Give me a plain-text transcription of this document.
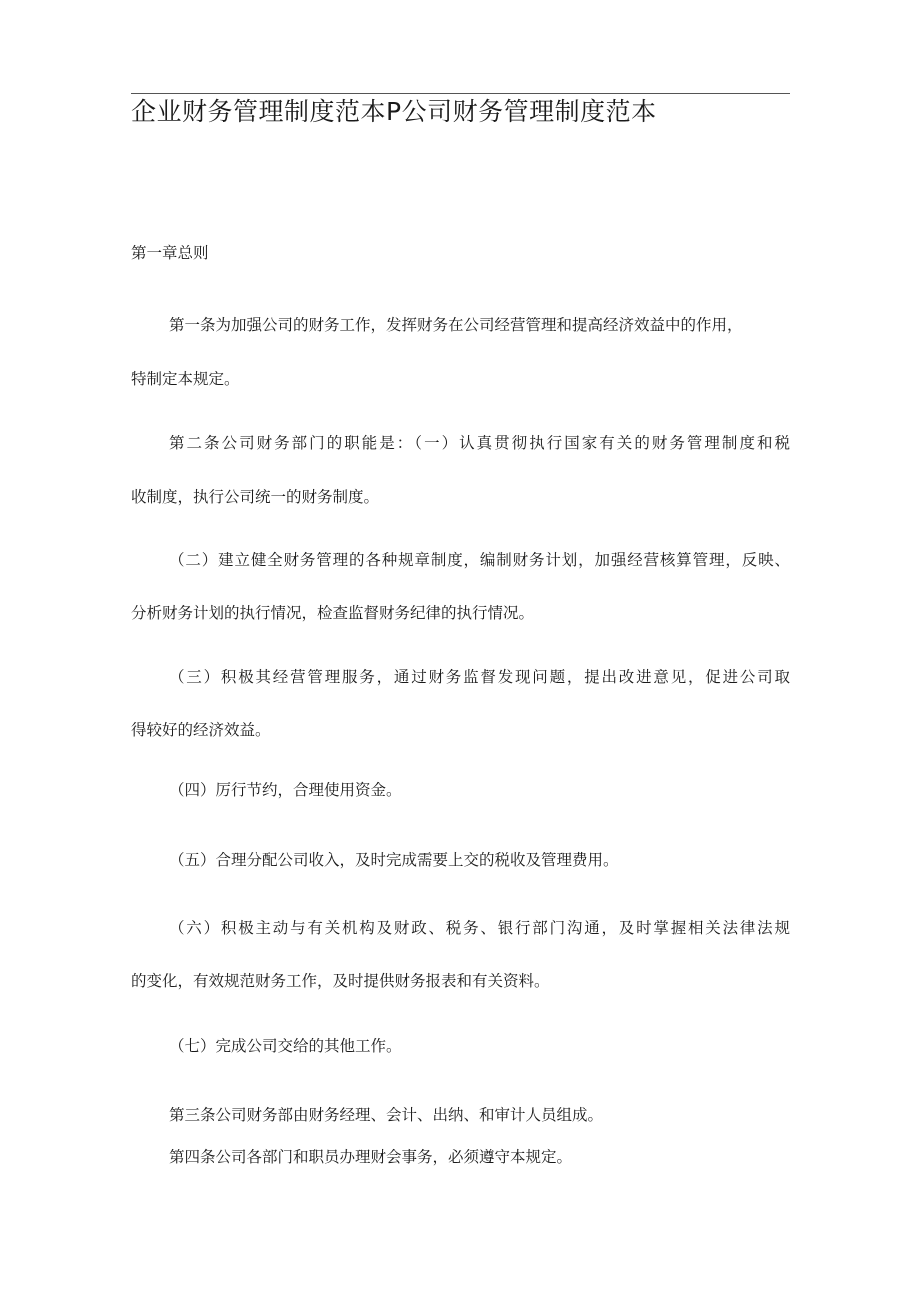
企业财务管理制度范本P公司财务管理制度范本
第一章总则
第一条为加强公司的财务工作，发挥财务在公司经营管理和提高经济效益中的作用，
特制定本规定。
第二条公司财务部门的职能是：（一）认真贯彻执行国家有关的财务管理制度和税
收制度，执行公司统一的财务制度。
（二）建立健全财务管理的各种规章制度，编制财务计划，加强经营核算管理，反映、
分析财务计划的执行情况，检查监督财务纪律的执行情况。
（三）积极其经营管理服务，通过财务监督发现问题，提出改进意见，促进公司取
得较好的经济效益。
（四）厉行节约，合理使用资金。
（五）合理分配公司收入，及时完成需要上交的税收及管理费用。
（六）积极主动与有关机构及财政、税务、银行部门沟通，及时掌握相关法律法规
的变化，有效规范财务工作，及时提供财务报表和有关资料。
（七）完成公司交给的其他工作。
第三条公司财务部由财务经理、会计、出纳、和审计人员组成。
第四条公司各部门和职员办理财会事务，必须遵守本规定。
